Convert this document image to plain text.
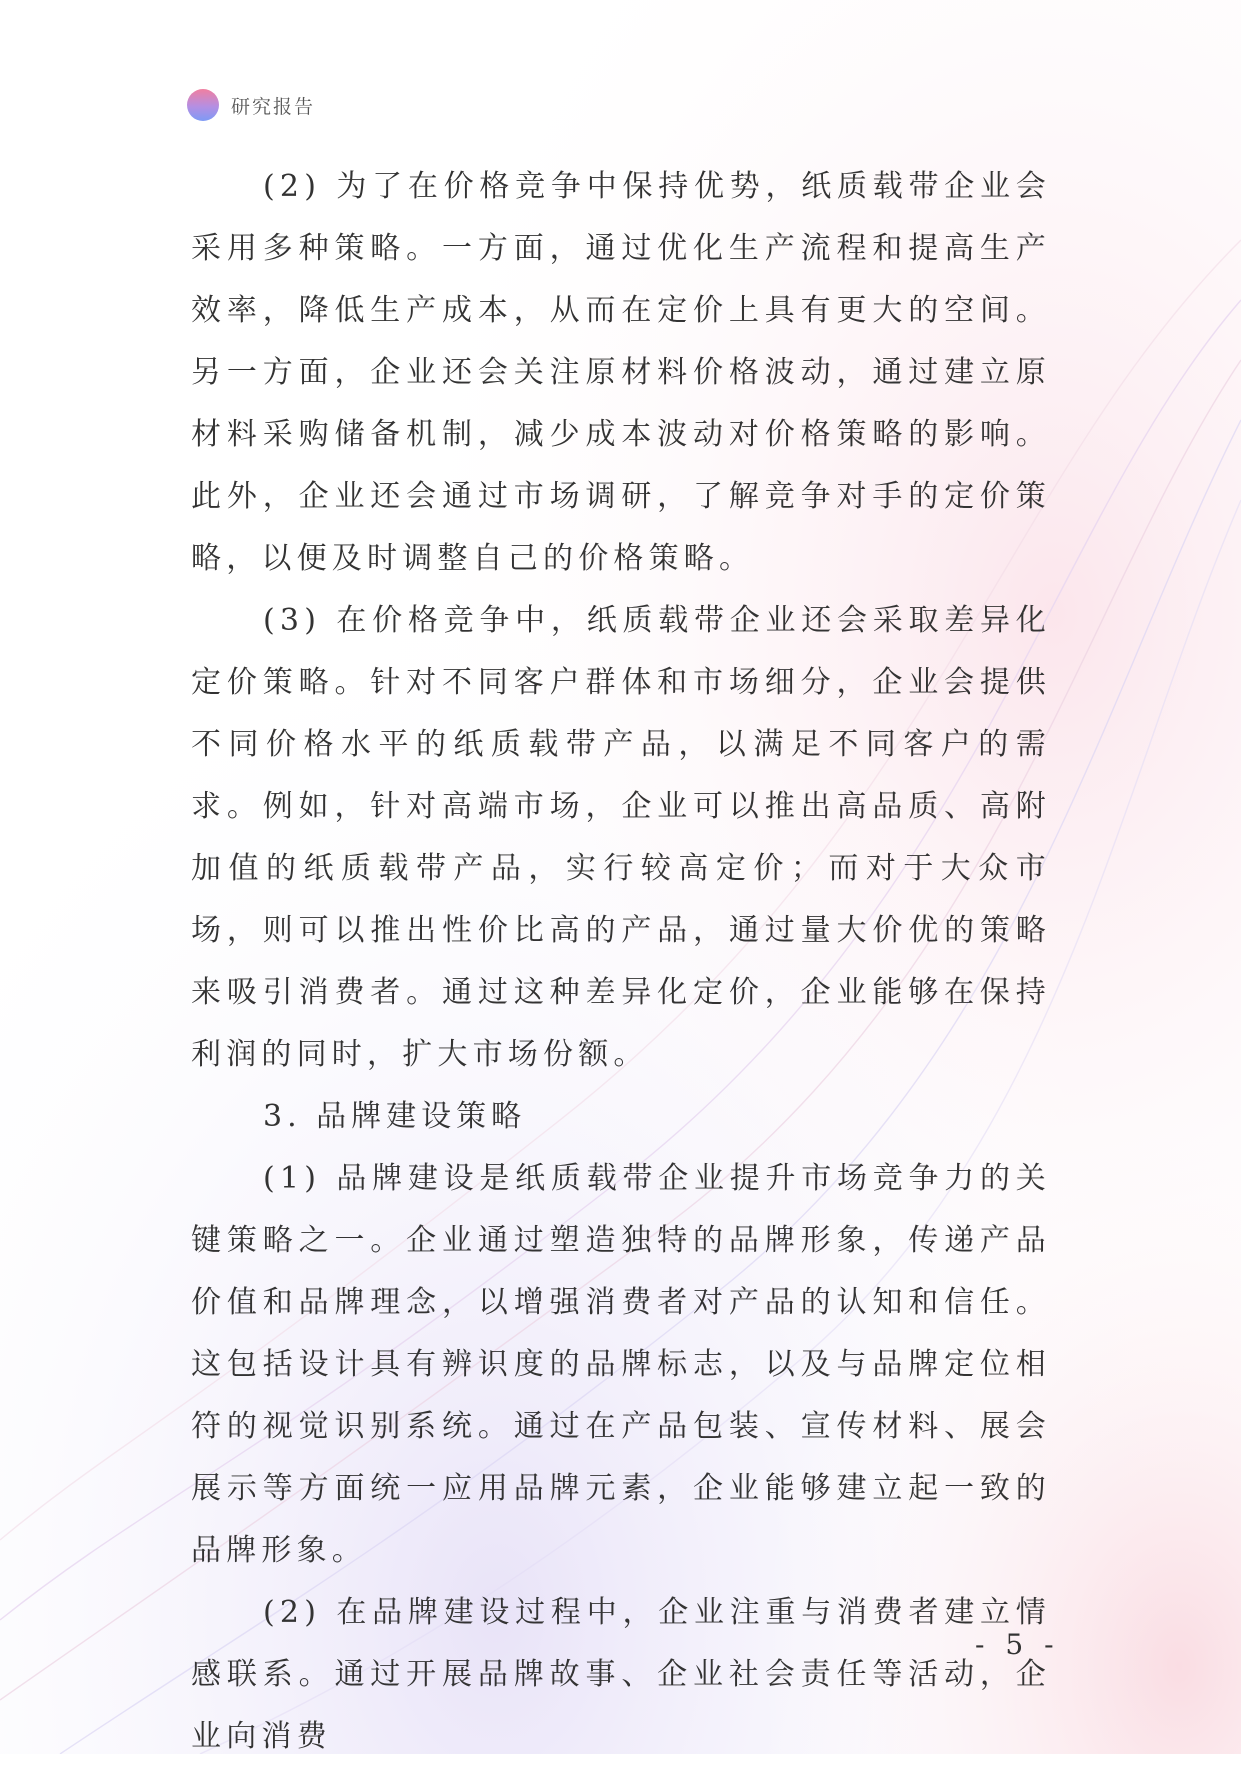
研究报告

(2) 为了在价格竞争中保持优势，纸质载带企业会采用多种策略。一方面，通过优化生产流程和提高生产效率，降低生产成本，从而在定价上具有更大的空间。另一方面，企业还会关注原材料价格波动，通过建立原材料采购储备机制，减少成本波动对价格策略的影响。此外，企业还会通过市场调研，了解竞争对手的定价策略，以便及时调整自己的价格策略。

(3) 在价格竞争中，纸质载带企业还会采取差异化定价策略。针对不同客户群体和市场细分，企业会提供不同价格水平的纸质载带产品，以满足不同客户的需求。例如，针对高端市场，企业可以推出高品质、高附加值的纸质载带产品，实行较高定价；而对于大众市场，则可以推出性价比高的产品，通过量大价优的策略来吸引消费者。通过这种差异化定价，企业能够在保持利润的同时，扩大市场份额。

3. 品牌建设策略

(1) 品牌建设是纸质载带企业提升市场竞争力的关键策略之一。企业通过塑造独特的品牌形象，传递产品价值和品牌理念，以增强消费者对产品的认知和信任。这包括设计具有辨识度的品牌标志，以及与品牌定位相符的视觉识别系统。通过在产品包装、宣传材料、展会展示等方面统一应用品牌元素，企业能够建立起一致的品牌形象。

(2) 在品牌建设过程中，企业注重与消费者建立情感联系。通过开展品牌故事、企业社会责任等活动，企业向消费

- 5 -
